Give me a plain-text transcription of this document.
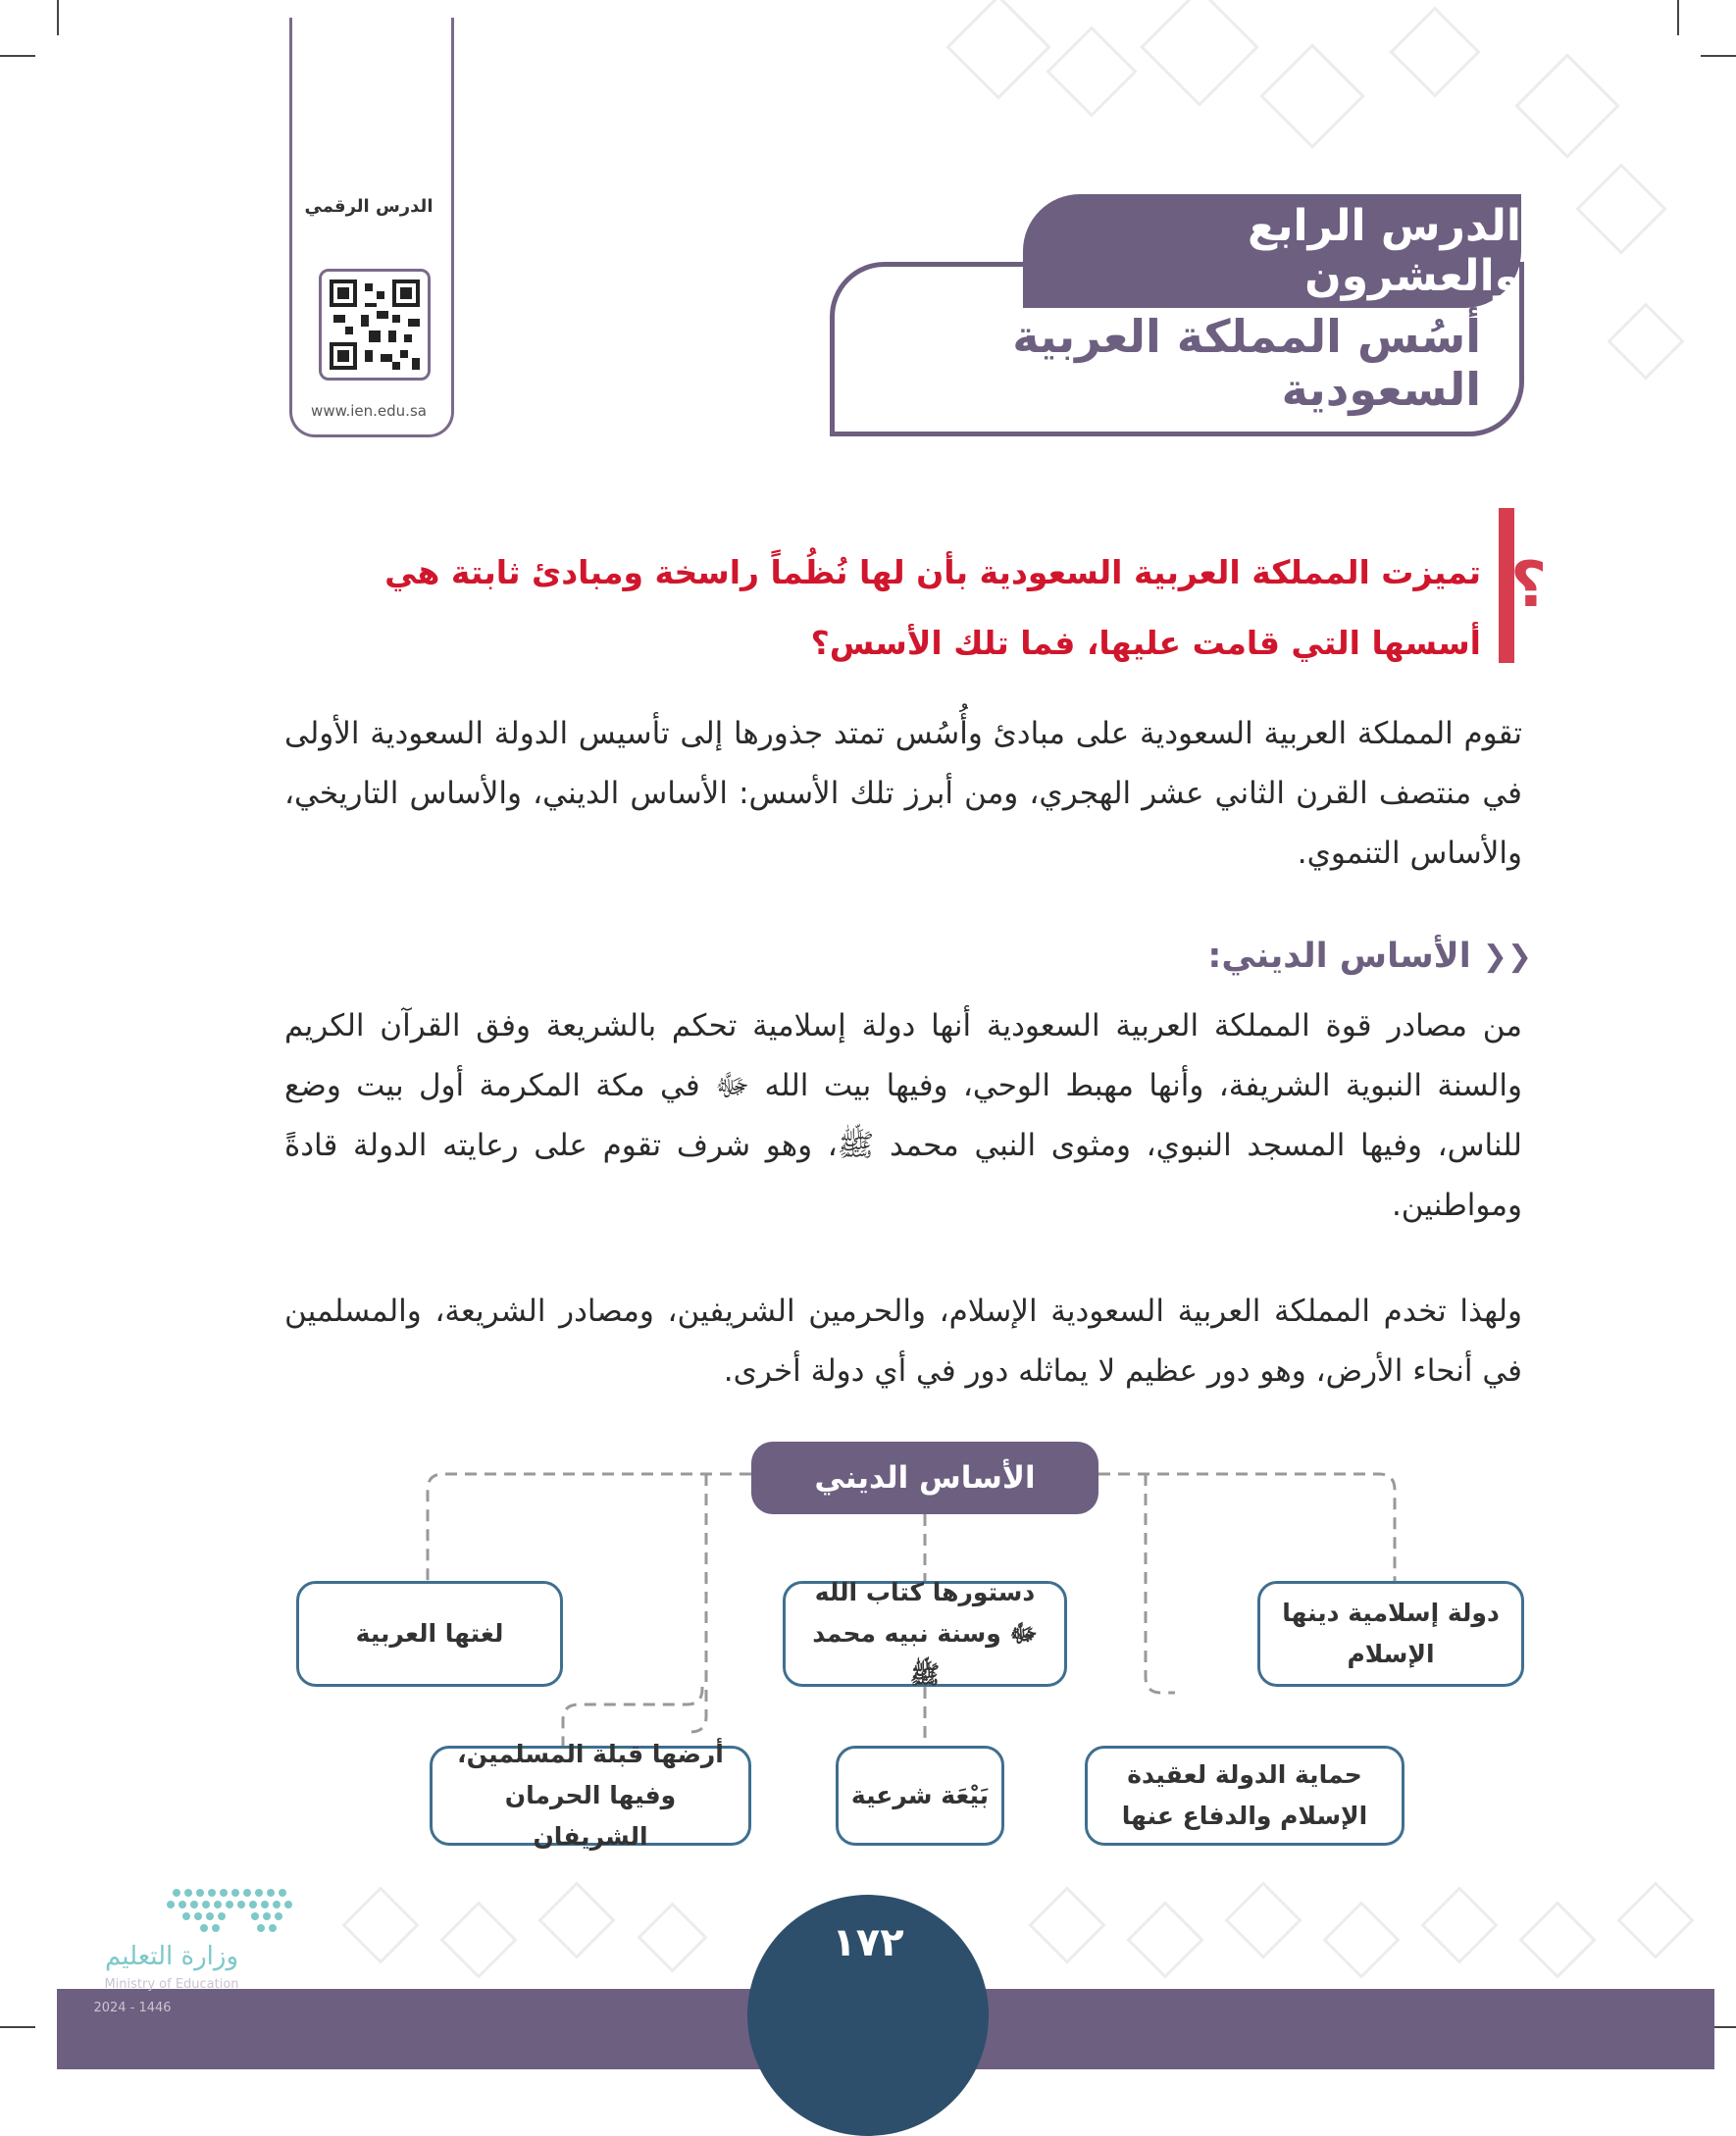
الدرس الرقمي
www.ien.edu.sa
الدرس الرابع والعشرون
أُسُس المملكة العربية السعودية
؟
تميزت المملكة العربية السعودية بأن لها نُظُماً راسخة ومبادئ ثابتة هي أسسها التي قامت عليها، فما تلك الأسس؟
تقوم المملكة العربية السعودية على مبادئ وأُسُس تمتد جذورها إلى تأسيس الدولة السعودية الأولى في منتصف القرن الثاني عشر الهجري، ومن أبرز تلك الأسس: الأساس الديني، والأساس التاريخي، والأساس التنموي.
❮❮
الأساس الديني:
من مصادر قوة المملكة العربية السعودية أنها دولة إسلامية تحكم بالشريعة وفق القرآن الكريم والسنة النبوية الشريفة، وأنها مهبط الوحي، وفيها بيت الله ﷻ في مكة المكرمة أول بيت وضع للناس، وفيها المسجد النبوي، ومثوى النبي محمد ﷺ، وهو شرف تقوم على رعايته الدولة قادةً ومواطنين.
ولهذا تخدم المملكة العربية السعودية الإسلام، والحرمين الشريفين، ومصادر الشريعة، والمسلمين في أنحاء الأرض، وهو دور عظيم لا يماثله دور في أي دولة أخرى.
الأساس الديني
دولة إسلامية دينها الإسلام
دستورها كتاب الله ﷻ وسنة نبيه محمد ﷺ
لغتها العربية
حماية الدولة لعقيدة الإسلام والدفاع عنها
بَيْعَة شرعية
أرضها قبلة المسلمين، وفيها الحرمان الشريفان
١٧٢
وزارة التعليم
Ministry of Education
2024 - 1446
